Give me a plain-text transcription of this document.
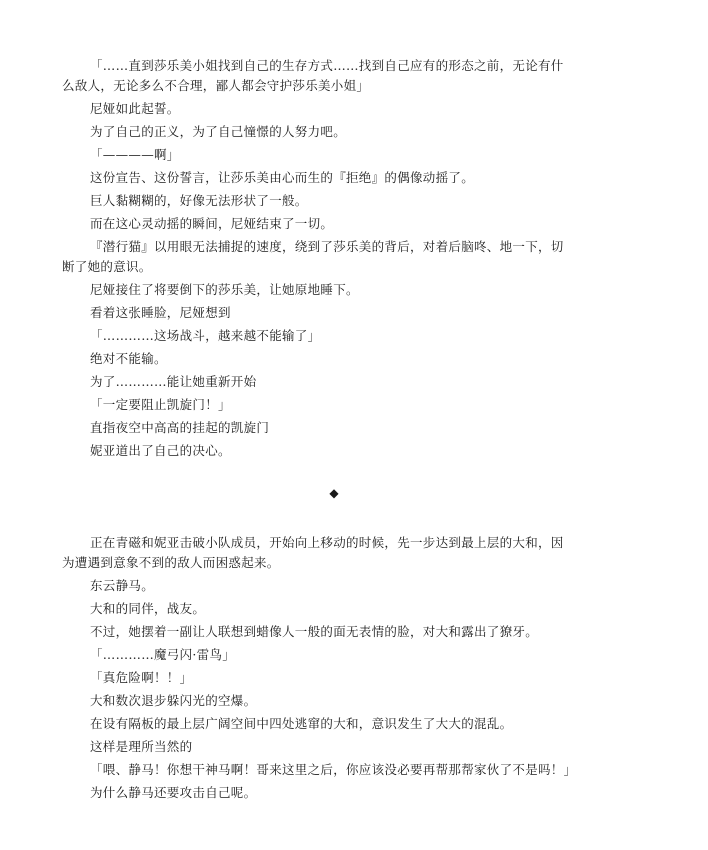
「……直到莎乐美小姐找到自己的生存方式……找到自己应有的形态之前，无论有什么敌人，无论多么不合理，鄙人都会守护莎乐美小姐」

尼娅如此起誓。

为了自己的正义，为了自己憧憬的人努力吧。

「————啊」

这份宣告、这份誓言，让莎乐美由心而生的『拒绝』的偶像动摇了。

巨人黏糊糊的，好像无法形状了一般。

而在这心灵动摇的瞬间，尼娅结束了一切。

『潜行猫』以用眼无法捕捉的速度，绕到了莎乐美的背后，对着后脑咚、地一下，切断了她的意识。

尼娅接住了将要倒下的莎乐美，让她原地睡下。

看着这张睡脸，尼娅想到

「…………这场战斗，越来越不能输了」

绝对不能输。

为了…………能让她重新开始

「一定要阻止凯旋门！」

直指夜空中高高的挂起的凯旋门

妮亚道出了自己的决心。

◆

正在青磁和妮亚击破小队成员，开始向上移动的时候，先一步达到最上层的大和，因为遭遇到意象不到的敌人而困惑起来。

东云静马。

大和的同伴，战友。

不过，她摆着一副让人联想到蜡像人一般的面无表情的脸，对大和露出了獠牙。

「…………魔弓闪·雷鸟」

「真危险啊！！」

大和数次退步躲闪光的空爆。

在设有隔板的最上层广阔空间中四处逃窜的大和，意识发生了大大的混乱。

这样是理所当然的

「喂、静马！你想干神马啊！哥来这里之后，你应该没必要再帮那帮家伙了不是吗！」

为什么静马还要攻击自己呢。
